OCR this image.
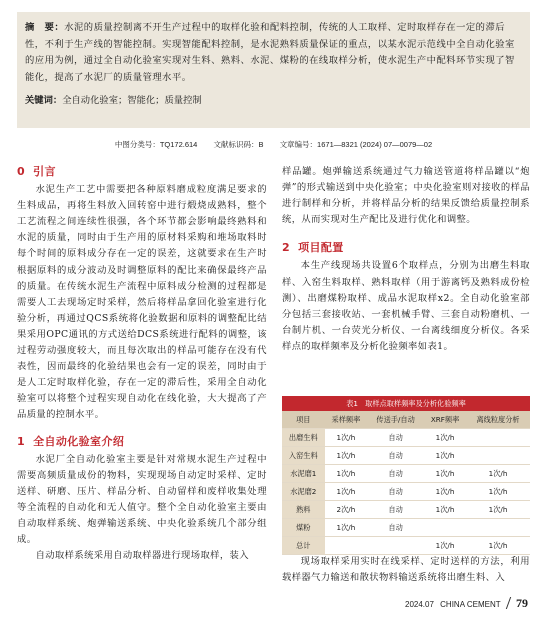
摘　要：水泥的质量控制离不开生产过程中的取样化验和配料控制，传统的人工取样、定时取样存在一定的滞后性，不利于生产线的智能控制。实现智能配料控制，是水泥熟料质量保证的重点，以某水泥示范线中全自动化验室的应用为例，通过全自动化验室实现对生料、熟料、水泥、煤粉的在线取样分析，使水泥生产中配料环节实现了智能化，提高了水泥厂的质量管理水平。
关键词：全自动化验室；智能化；质量控制
中图分类号：TQ172.614 文献标识码：B 文章编号：1671—8321 (2024) 07—0079—02
0 引言

水泥生产工艺中需要把各种原料磨成粒度满足要求的生料成品，再将生料放入回转窑中进行煅烧成熟料，整个工艺流程之间连续性很强，各个环节都会影响最终熟料和水泥的质量，同时由于生产用的原材料采购和堆场取料时每个时间的原料成分存在一定的误差，这就要求在生产时根据原料的成分波动及时调整原料的配比来确保最终产品的质量。在传统水泥生产流程中原料成分检测的过程都是需要人工去现场定时采样，然后将样品拿回化验室进行化验分析，再通过QCS系统将化验数据和原料的调整配比结果采用OPC通讯的方式送给DCS系统进行配料的调整，该过程劳动强度较大，而且每次取出的样品可能存在没有代表性，因而最终的化验结果也会有一定的误差，同时由于是人工定时取样化验，存在一定的滞后性，采用全自动化验室可以将整个过程实现自动化在线化验，大大提高了产品质量的控制水平。

1 全自动化验室介绍

水泥厂全自动化验室主要是针对常规水泥生产过程中需要高频质量成份的物料，实现现场自动定时采样、定时送样、研磨、压片、样品分析、自动留样和废样收集处理等全流程的自动化和无人值守。整个全自动化验室主要由自动取样系统、炮弹输送系统、中央化验系统几个部分组成。

自动取样系统采用自动取样器进行现场取样，装入

样品罐。炮弹输送系统通过气力输送管道将样品罐以“炮弹”的形式输送到中央化验室；中央化验室则对接收的样品进行制样和分析，并将样品分析的结果反馈给质量控制系统，从而实现对生产配比及进行优化和调整。

2 项目配置

本生产线现场共设置6个取样点，分别为出磨生料取样、入窑生料取样、熟料取样（用于游离钙及熟料成份检测）、出磨煤粉取样、成品水泥取样x2。全自动化验室部分包括三套接收站、一套机械手臂、三套自动粉磨机、一台制片机、一台荧光分析仪、一台离线细度分析仪。各采样点的取样频率及分析化验频率如表1。

表1　取样点取样频率及分析化验频率
项目	采样频率	传送手/自动	XRF频率	离线粒度分析
出磨生料	1次/h	自动	1次/h	
入窑生料	1次/h	自动	1次/h	
水泥磨1	1次/h	自动	1次/h	1次/h
水泥磨2	1次/h	自动	1次/h	1次/h
熟料	2次/h	自动	1次/h	1次/h
煤粉	1次/h	自动		
总计			1次/h	1次/h

现场取样采用实时在线采样、定时送样的方法，利用载样器气力输送和散状物料输送系统将出磨生料、入

2024.07 CHINA CEMENT 79
